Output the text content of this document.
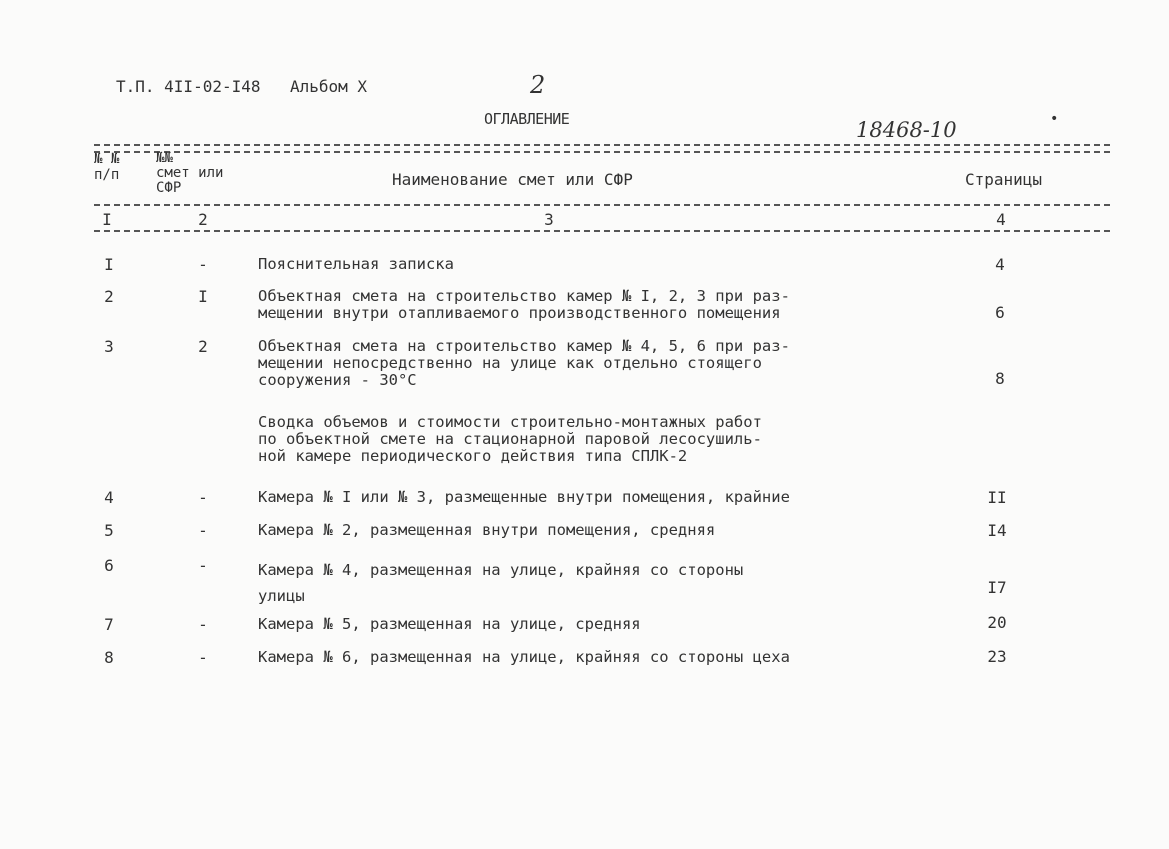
Т.П. 4II-02-I48 Альбом Х	2
ОГЛАВЛЕНИЕ	18468-10	•
№ №
п/п
№№
смет или
СФР	Наименование смет или СФР	Страницы
I	2	3	4
I	-	Пояснительная записка	4
2	I	Объектная смета на строительство камер № I, 2, 3 при раз-
мещении внутри отапливаемого производственного помещения	6
3	2	Объектная смета на строительство камер № 4, 5, 6 при раз-
мещении непосредственно на улице как отдельно стоящего
сооружения - 30°С	8
Сводка объемов и стоимости строительно-монтажных работ
по объектной смете на стационарной паровой лесосушиль-
ной камере периодического действия типа СПЛК-2
4	-	Камера № I или № 3, размещенные внутри помещения, крайние	II
5	-	Камера № 2, размещенная внутри помещения, средняя	I4
6	-	Камера № 4, размещенная на улице, крайняя со стороны
улицы	I7
7	-	Камера № 5, размещенная на улице, средняя	20
8	-	Камера № 6, размещенная на улице, крайняя со стороны цеха	23
